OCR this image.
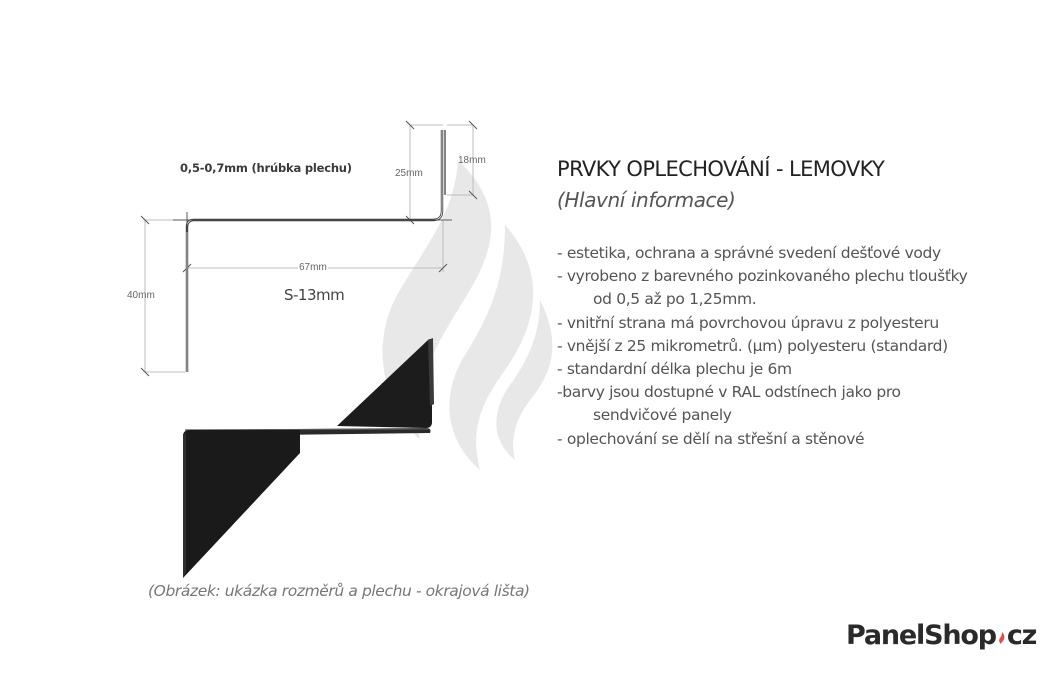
0,5-0,7mm (hrúbka plechu)	25mm
18mm
67mm
40mm	S-13mm
PRVKY OPLECHOVÁNÍ - LEMOVKY
(Hlavní informace)
- estetika, ochrana a správné svedení dešťové vody
- vyrobeno z barevného pozinkovaného plechu tloušťky
od 0,5 až po 1,25mm.
- vnitřní strana má povrchovou úpravu z polyesteru
- vnější z 25 mikrometrů. (µm) polyesteru (standard)
- standardní délka plechu je 6m
-barvy jsou dostupné v RAL odstínech jako pro
sendvičové panely
- oplechování se dělí na střešní a stěnové
(Obrázek: ukázka rozměrů a plechu - okrajová lišta)
PanelShop cz
